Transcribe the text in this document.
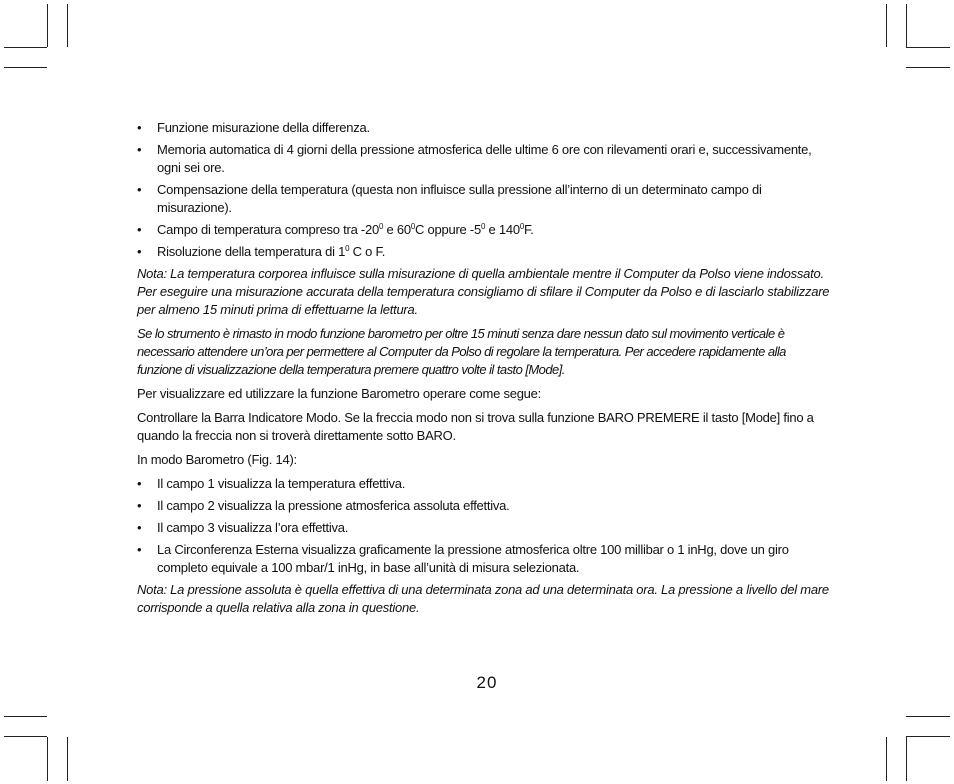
• Funzione misurazione della differenza.
• Memoria automatica di 4 giorni della pressione atmosferica delle ultime 6 ore con rilevamenti orari e, successivamente, ogni sei ore.
• Compensazione della temperatura (questa non influisce sulla pressione all’interno di un determinato campo di misurazione).
• Campo di temperatura compreso tra $-20^0$ e $60^0C$ oppure $-5^0$ e $140^0F$.
• Risoluzione della temperatura di $1^0$ C o F.
Nota: La temperatura corporea influisce sulla misurazione di quella ambientale mentre il Computer da Polso viene indossato. Per eseguire una misurazione accurata della temperatura consigliamo di sfilare il Computer da Polso e di lasciarlo stabilizzare per almeno 15 minuti prima di effettuarne la lettura.
Se lo strumento è rimasto in modo funzione barometro per oltre 15 minuti senza dare nessun dato sul movimento verticale è necessario attendere un’ora per permettere al Computer da Polso di regolare la temperatura. Per accedere rapidamente alla funzione di visualizzazione della temperatura premere quattro volte il tasto [Mode].
Per visualizzare ed utilizzare la funzione Barometro operare come segue:
Controllare la Barra Indicatore Modo. Se la freccia modo non si trova sulla funzione BARO PREMERE il tasto [Mode] fino a quando la freccia non si troverà direttamente sotto BARO.
In modo Barometro (Fig. 14):
• Il campo 1 visualizza la temperatura effettiva.
• Il campo 2 visualizza la pressione atmosferica assoluta effettiva.
• Il campo 3 visualizza l’ora effettiva.
• La Circonferenza Esterna visualizza graficamente la pressione atmosferica oltre 100 millibar o 1 inHg, dove un giro completo equivale a 100 mbar/1 inHg, in base all’unità di misura selezionata.
Nota: La pressione assoluta è quella effettiva di una determinata zona ad una determinata ora. La pressione a livello del mare corrisponde a quella relativa alla zona in questione.
20
